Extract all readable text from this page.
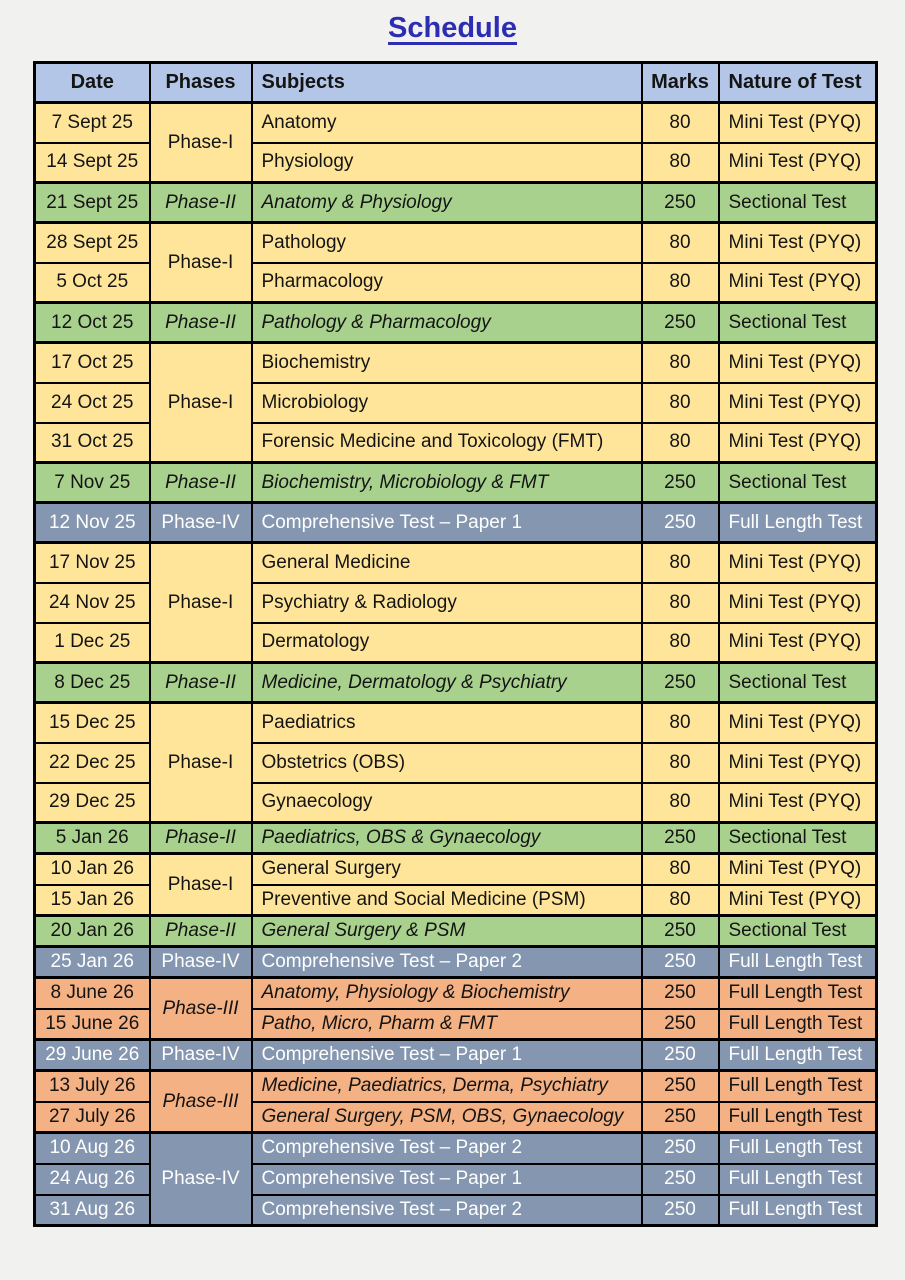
Schedule
Date	Phases	Subjects	Marks	Nature of Test
7 Sept 25	Phase-I	Anatomy	80	Mini Test (PYQ)
14 Sept 25		Physiology	80	Mini Test (PYQ)
21 Sept 25	Phase-II	Anatomy & Physiology	250	Sectional Test
28 Sept 25	Phase-I	Pathology	80	Mini Test (PYQ)
5 Oct 25		Pharmacology	80	Mini Test (PYQ)
12 Oct 25	Phase-II	Pathology & Pharmacology	250	Sectional Test
17 Oct 25	Phase-I	Biochemistry	80	Mini Test (PYQ)
24 Oct 25		Microbiology	80	Mini Test (PYQ)
31 Oct 25		Forensic Medicine and Toxicology (FMT)	80	Mini Test (PYQ)
7 Nov 25	Phase-II	Biochemistry, Microbiology & FMT	250	Sectional Test
12 Nov 25	Phase-IV	Comprehensive Test – Paper 1	250	Full Length Test
17 Nov 25	Phase-I	General Medicine	80	Mini Test (PYQ)
24 Nov 25		Psychiatry & Radiology	80	Mini Test (PYQ)
1 Dec 25		Dermatology	80	Mini Test (PYQ)
8 Dec 25	Phase-II	Medicine, Dermatology & Psychiatry	250	Sectional Test
15 Dec 25	Phase-I	Paediatrics	80	Mini Test (PYQ)
22 Dec 25		Obstetrics (OBS)	80	Mini Test (PYQ)
29 Dec 25		Gynaecology	80	Mini Test (PYQ)
5 Jan 26	Phase-II	Paediatrics, OBS & Gynaecology	250	Sectional Test
10 Jan 26	Phase-I	General Surgery	80	Mini Test (PYQ)
15 Jan 26		Preventive and Social Medicine (PSM)	80	Mini Test (PYQ)
20 Jan 26	Phase-II	General Surgery & PSM	250	Sectional Test
25 Jan 26	Phase-IV	Comprehensive Test – Paper 2	250	Full Length Test
8 June 26	Phase-III	Anatomy, Physiology & Biochemistry	250	Full Length Test
15 June 26		Patho, Micro, Pharm & FMT	250	Full Length Test
29 June 26	Phase-IV	Comprehensive Test – Paper 1	250	Full Length Test
13 July 26	Phase-III	Medicine, Paediatrics, Derma, Psychiatry	250	Full Length Test
27 July 26		General Surgery, PSM, OBS, Gynaecology	250	Full Length Test
10 Aug 26	Phase-IV	Comprehensive Test – Paper 2	250	Full Length Test
24 Aug 26		Comprehensive Test – Paper 1	250	Full Length Test
31 Aug 26		Comprehensive Test – Paper 2	250	Full Length Test
